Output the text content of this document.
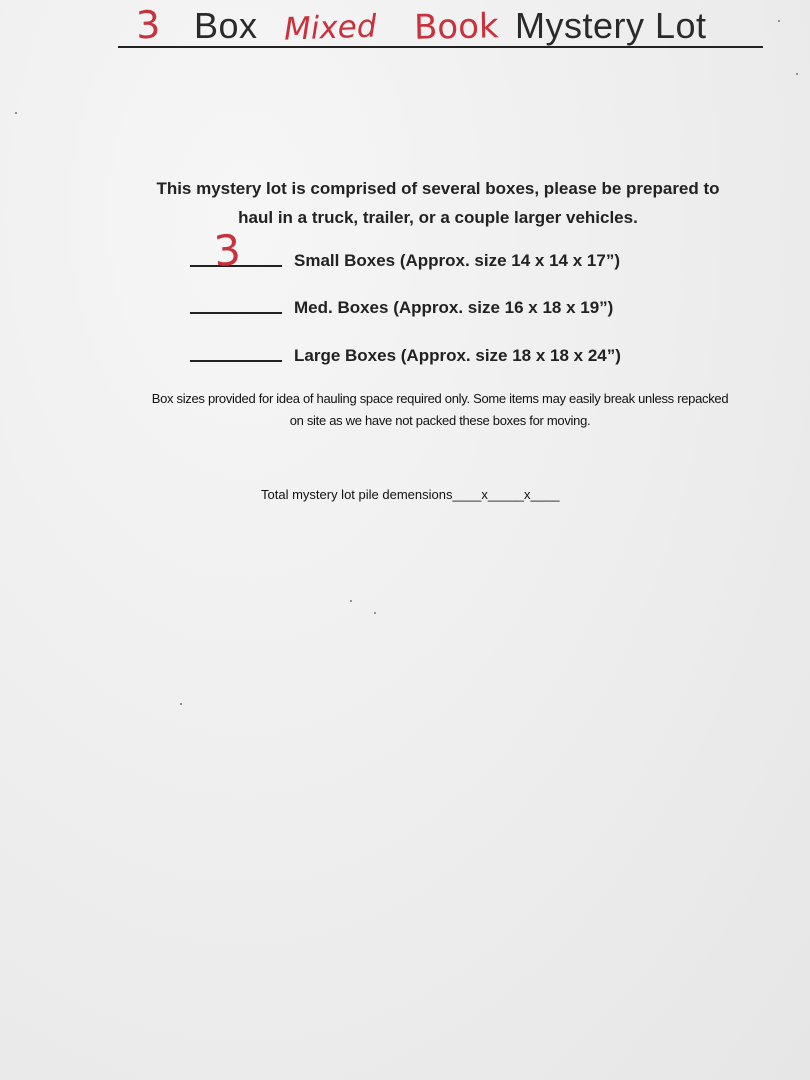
3 Box Mixed Book Mystery Lot
This mystery lot is comprised of several boxes, please be prepared to
haul in a truck, trailer, or a couple larger vehicles.
3	Small Boxes (Approx. size 14 x 14 x 17”)
Med. Boxes (Approx. size 16 x 18 x 19”)
Large Boxes (Approx. size 18 x 18 x 24”)
Box sizes provided for idea of hauling space required only. Some items may easily break unless repacked
on site as we have not packed these boxes for moving.
Total mystery lot pile demensions____x_____x____
